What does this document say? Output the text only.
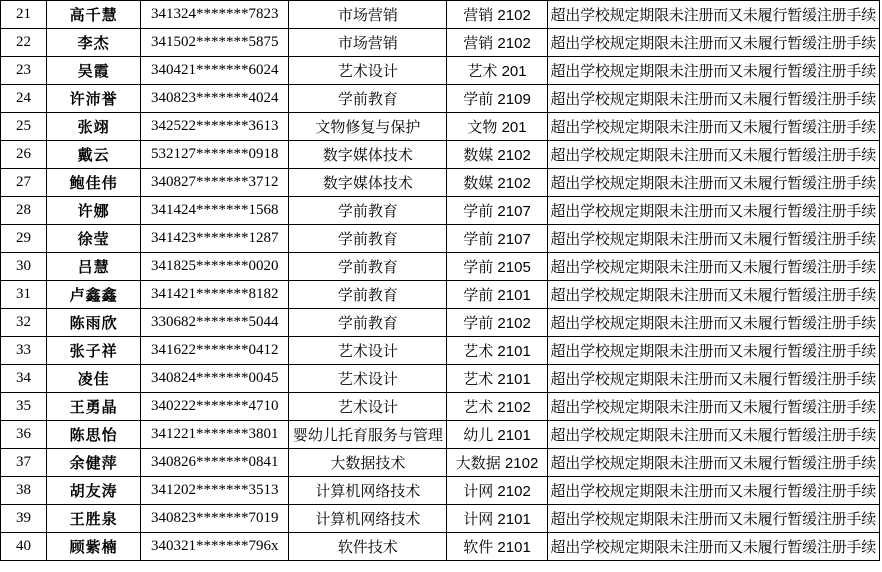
21	高千慧	341324*******7823	市场营销	营销 2102	超出学校规定期限未注册而又未履行暂缓注册手续
22	李杰	341502*******5875	市场营销	营销 2102	超出学校规定期限未注册而又未履行暂缓注册手续
23	吴霞	340421*******6024	艺术设计	艺术 201	超出学校规定期限未注册而又未履行暂缓注册手续
24	许沛誉	340823*******4024	学前教育	学前 2109	超出学校规定期限未注册而又未履行暂缓注册手续
25	张翊	342522*******3613	文物修复与保护	文物 201	超出学校规定期限未注册而又未履行暂缓注册手续
26	戴云	532127*******0918	数字媒体技术	数媒 2102	超出学校规定期限未注册而又未履行暂缓注册手续
27	鲍佳伟	340827*******3712	数字媒体技术	数媒 2102	超出学校规定期限未注册而又未履行暂缓注册手续
28	许娜	341424*******1568	学前教育	学前 2107	超出学校规定期限未注册而又未履行暂缓注册手续
29	徐莹	341423*******1287	学前教育	学前 2107	超出学校规定期限未注册而又未履行暂缓注册手续
30	吕慧	341825*******0020	学前教育	学前 2105	超出学校规定期限未注册而又未履行暂缓注册手续
31	卢鑫鑫	341421*******8182	学前教育	学前 2101	超出学校规定期限未注册而又未履行暂缓注册手续
32	陈雨欣	330682*******5044	学前教育	学前 2102	超出学校规定期限未注册而又未履行暂缓注册手续
33	张子祥	341622*******0412	艺术设计	艺术 2101	超出学校规定期限未注册而又未履行暂缓注册手续
34	凌佳	340824*******0045	艺术设计	艺术 2101	超出学校规定期限未注册而又未履行暂缓注册手续
35	王勇晶	340222*******4710	艺术设计	艺术 2102	超出学校规定期限未注册而又未履行暂缓注册手续
36	陈思怡	341221*******3801	婴幼儿托育服务与管理	幼儿 2101	超出学校规定期限未注册而又未履行暂缓注册手续
37	余健萍	340826*******0841	大数据技术	大数据 2102	超出学校规定期限未注册而又未履行暂缓注册手续
38	胡友涛	341202*******3513	计算机网络技术	计网 2102	超出学校规定期限未注册而又未履行暂缓注册手续
39	王胜泉	340823*******7019	计算机网络技术	计网 2101	超出学校规定期限未注册而又未履行暂缓注册手续
40	顾紫楠	340321*******796x	软件技术	软件 2101	超出学校规定期限未注册而又未履行暂缓注册手续
